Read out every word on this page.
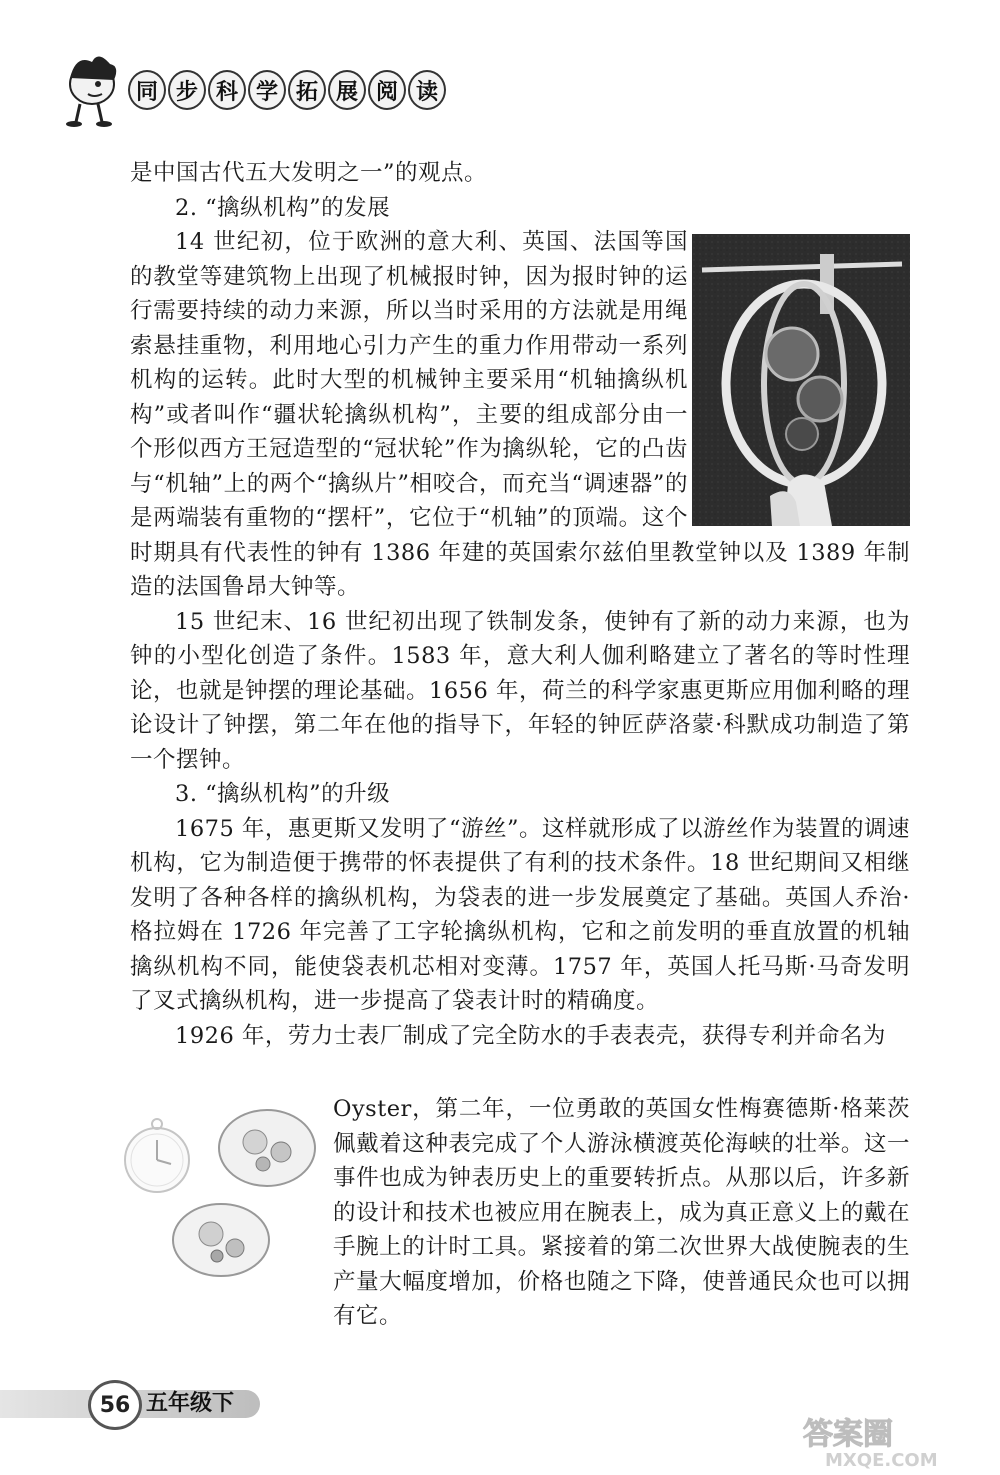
同 步 科 学 拓 展 阅 读

是中国古代五大发明之一”的观点。

2. “擒纵机构”的发展

14 世纪初，位于欧洲的意大利、英国、法国等国的教堂等建筑物上出现了机械报时钟，因为报时钟的运行需要持续的动力来源，所以当时采用的方法就是用绳索悬挂重物，利用地心引力产生的重力作用带动一系列机构的运转。此时大型的机械钟主要采用“机轴擒纵机构”或者叫作“疆状轮擒纵机构”，主要的组成部分由一个形似西方王冠造型的“冠状轮”作为擒纵轮，它的凸齿与“机轴”上的两个“擒纵片”相咬合，而充当“调速器”的是两端装有重物的“摆杆”，它位于“机轴”的顶端。这个时期具有代表性的钟有 1386 年建的英国索尔兹伯里教堂钟以及 1389 年制造的法国鲁昂大钟等。

15 世纪末、16 世纪初出现了铁制发条，使钟有了新的动力来源，也为钟的小型化创造了条件。1583 年，意大利人伽利略建立了著名的等时性理论，也就是钟摆的理论基础。1656 年，荷兰的科学家惠更斯应用伽利略的理论设计了钟摆，第二年在他的指导下，年轻的钟匠萨洛蒙·科默成功制造了第一个摆钟。

3. “擒纵机构”的升级

1675 年，惠更斯又发明了“游丝”。这样就形成了以游丝作为装置的调速机构，它为制造便于携带的怀表提供了有利的技术条件。18 世纪期间又相继发明了各种各样的擒纵机构，为袋表的进一步发展奠定了基础。英国人乔治·格拉姆在 1726 年完善了工字轮擒纵机构，它和之前发明的垂直放置的机轴擒纵机构不同，能使袋表机芯相对变薄。1757 年，英国人托马斯·马奇发明了叉式擒纵机构，进一步提高了袋表计时的精确度。

1926 年，劳力士表厂制成了完全防水的手表表壳，获得专利并命名为

Oyster，第二年，一位勇敢的英国女性梅赛德斯·格莱茨佩戴着这种表完成了个人游泳横渡英伦海峡的壮举。这一事件也成为钟表历史上的重要转折点。从那以后，许多新的设计和技术也被应用在腕表上，成为真正意义上的戴在手腕上的计时工具。紧接着的第二次世界大战使腕表的生产量大幅度增加，价格也随之下降，使普通民众也可以拥有它。

56 五年级下
答案圈
MXQE.COM
